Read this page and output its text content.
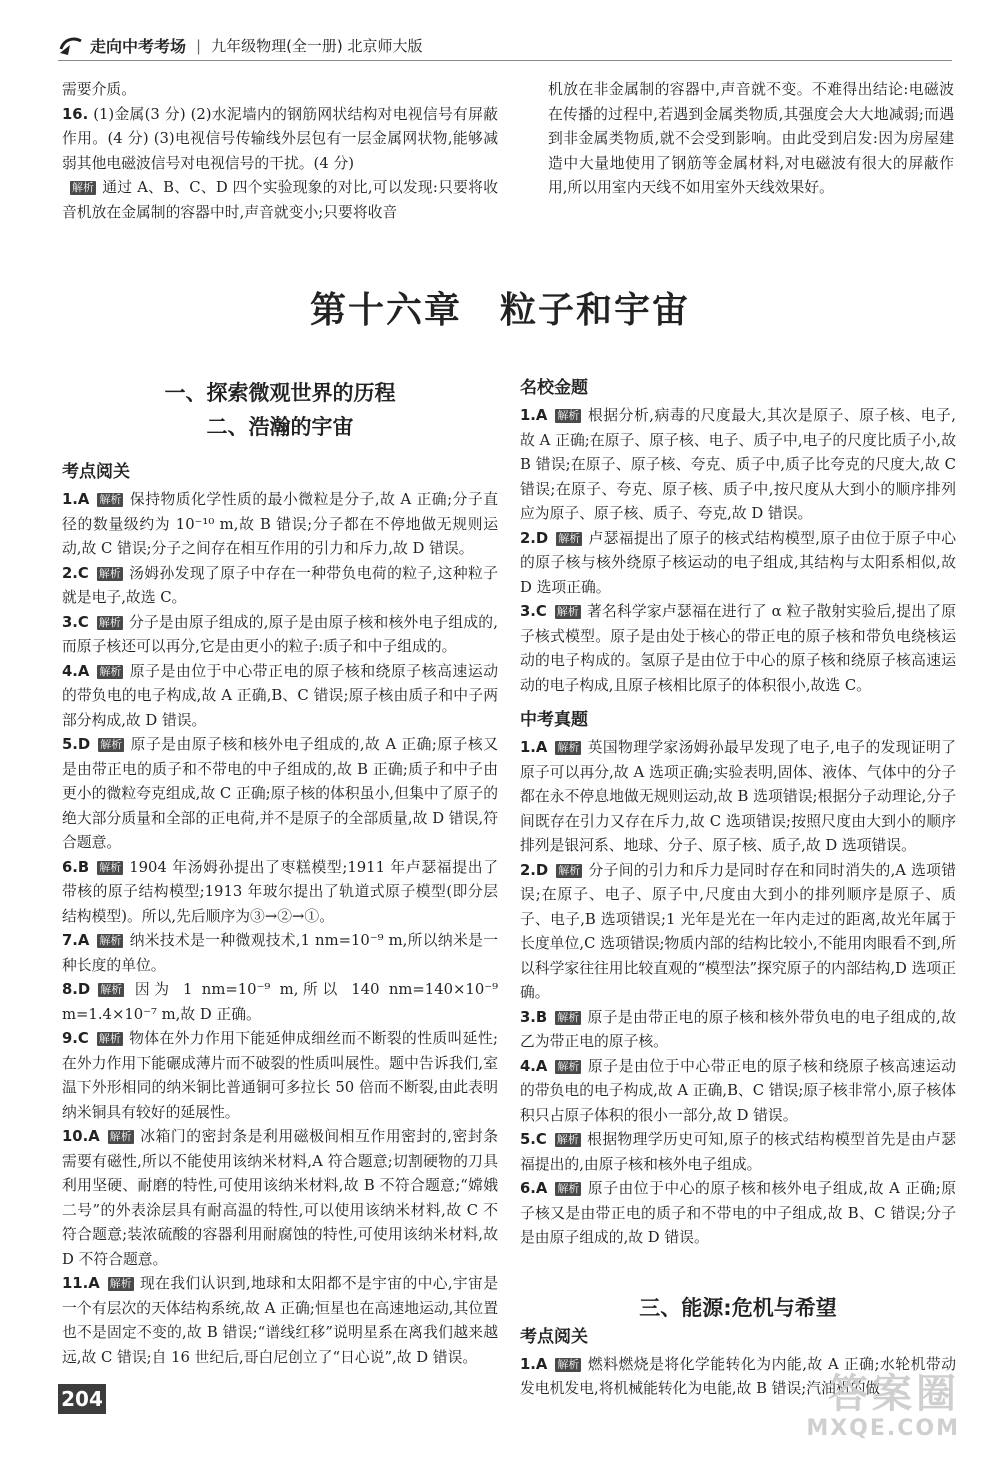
走向中考考场 | 九年级物理(全一册) 北京师大版

需要介质。

16. (1)金属(3 分) (2)水泥墙内的钢筋网状结构对电视信号有屏蔽作用。(4 分) (3)电视信号传输线外层包有一层金属网状物,能够减弱其他电磁波信号对电视信号的干扰。(4 分)

解析 通过 A、B、C、D 四个实验现象的对比,可以发现:只要将收音机放在金属制的容器中时,声音就变小;只要将收音

机放在非金属制的容器中,声音就不变。不难得出结论:电磁波在传播的过程中,若遇到金属类物质,其强度会大大地减弱;而遇到非金属类物质,就不会受到影响。由此受到启发:因为房屋建造中大量地使用了钢筋等金属材料,对电磁波有很大的屏蔽作用,所以用室内天线不如用室外天线效果好。

第十六章　粒子和宇宙
一、探索微观世界的历程
二、浩瀚的宇宙
考点阅关

1.A 解析 保持物质化学性质的最小微粒是分子,故 A 正确;分子直径的数量级约为 10⁻¹⁰ m,故 B 错误;分子都在不停地做无规则运动,故 C 错误;分子之间存在相互作用的引力和斥力,故 D 错误。

2.C 解析 汤姆孙发现了原子中存在一种带负电荷的粒子,这种粒子就是电子,故选 C。

3.C 解析 分子是由原子组成的,原子是由原子核和核外电子组成的,而原子核还可以再分,它是由更小的粒子:质子和中子组成的。

4.A 解析 原子是由位于中心带正电的原子核和绕原子核高速运动的带负电的电子构成,故 A 正确,B、C 错误;原子核由质子和中子两部分构成,故 D 错误。

5.D 解析 原子是由原子核和核外电子组成的,故 A 正确;原子核又是由带正电的质子和不带电的中子组成的,故 B 正确;质子和中子由更小的微粒夸克组成,故 C 正确;原子核的体积虽小,但集中了原子的绝大部分质量和全部的正电荷,并不是原子的全部质量,故 D 错误,符合题意。

6.B 解析 1904 年汤姆孙提出了枣糕模型;1911 年卢瑟福提出了带核的原子结构模型;1913 年玻尔提出了轨道式原子模型(即分层结构模型)。所以,先后顺序为③→②→①。

7.A 解析 纳米技术是一种微观技术,1 nm=10⁻⁹ m,所以纳米是一种长度的单位。

8.D 解析 因为 1 nm=10⁻⁹ m,所以 140 nm=140×10⁻⁹ m=1.4×10⁻⁷ m,故 D 正确。

9.C 解析 物体在外力作用下能延伸成细丝而不断裂的性质叫延性;在外力作用下能碾成薄片而不破裂的性质叫展性。题中告诉我们,室温下外形相同的纳米铜比普通铜可多拉长 50 倍而不断裂,由此表明纳米铜具有较好的延展性。

10.A 解析 冰箱门的密封条是利用磁极间相互作用密封的,密封条需要有磁性,所以不能使用该纳米材料,A 符合题意;切割硬物的刀具利用坚硬、耐磨的特性,可使用该纳米材料,故 B 不符合题意;“嫦娥二号”的外表涂层具有耐高温的特性,可以使用该纳米材料,故 C 不符合题意;装浓硫酸的容器利用耐腐蚀的特性,可使用该纳米材料,故 D 不符合题意。

11.A 解析 现在我们认识到,地球和太阳都不是宇宙的中心,宇宙是一个有层次的天体结构系统,故 A 正确;恒星也在高速地运动,其位置也不是固定不变的,故 B 错误;“谱线红移”说明星系在离我们越来越远,故 C 错误;自 16 世纪后,哥白尼创立了“日心说”,故 D 错误。

名校金题

1.A 解析 根据分析,病毒的尺度最大,其次是原子、原子核、电子,故 A 正确;在原子、原子核、电子、质子中,电子的尺度比质子小,故 B 错误;在原子、原子核、夸克、质子中,质子比夸克的尺度大,故 C 错误;在原子、夸克、原子核、质子中,按尺度从大到小的顺序排列应为原子、原子核、质子、夸克,故 D 错误。

2.D 解析 卢瑟福提出了原子的核式结构模型,原子由位于原子中心的原子核与核外绕原子核运动的电子组成,其结构与太阳系相似,故 D 选项正确。

3.C 解析 著名科学家卢瑟福在进行了 α 粒子散射实验后,提出了原子核式模型。原子是由处于核心的带正电的原子核和带负电绕核运动的电子构成的。氢原子是由位于中心的原子核和绕原子核高速运动的电子构成,且原子核相比原子的体积很小,故选 C。

中考真题

1.A 解析 英国物理学家汤姆孙最早发现了电子,电子的发现证明了原子可以再分,故 A 选项正确;实验表明,固体、液体、气体中的分子都在永不停息地做无规则运动,故 B 选项错误;根据分子动理论,分子间既存在引力又存在斥力,故 C 选项错误;按照尺度由大到小的顺序排列是银河系、地球、分子、原子核、质子,故 D 选项错误。

2.D 解析 分子间的引力和斥力是同时存在和同时消失的,A 选项错误;在原子、电子、原子中,尺度由大到小的排列顺序是原子、质子、电子,B 选项错误;1 光年是光在一年内走过的距离,故光年属于长度单位,C 选项错误;物质内部的结构比较小,不能用肉眼看不到,所以科学家往往用比较直观的“模型法”探究原子的内部结构,D 选项正确。

3.B 解析 原子是由带正电的原子核和核外带负电的电子组成的,故乙为带正电的原子核。

4.A 解析 原子是由位于中心带正电的原子核和绕原子核高速运动的带负电的电子构成,故 A 正确,B、C 错误;原子核非常小,原子核体积只占原子体积的很小一部分,故 D 错误。

5.C 解析 根据物理学历史可知,原子的核式结构模型首先是由卢瑟福提出的,由原子核和核外电子组成。

6.A 解析 原子由位于中心的原子核和核外电子组成,故 A 正确;原子核又是由带正电的质子和不带电的中子组成,故 B、C 错误;分子是由原子组成的,故 D 错误。

三、能源:危机与希望
考点阅关

1.A 解析 燃料燃烧是将化学能转化为内能,故 A 正确;水轮机带动发电机发电,将机械能转化为电能,故 B 错误;汽油机的做

204	答案圈
MXQE.COM
